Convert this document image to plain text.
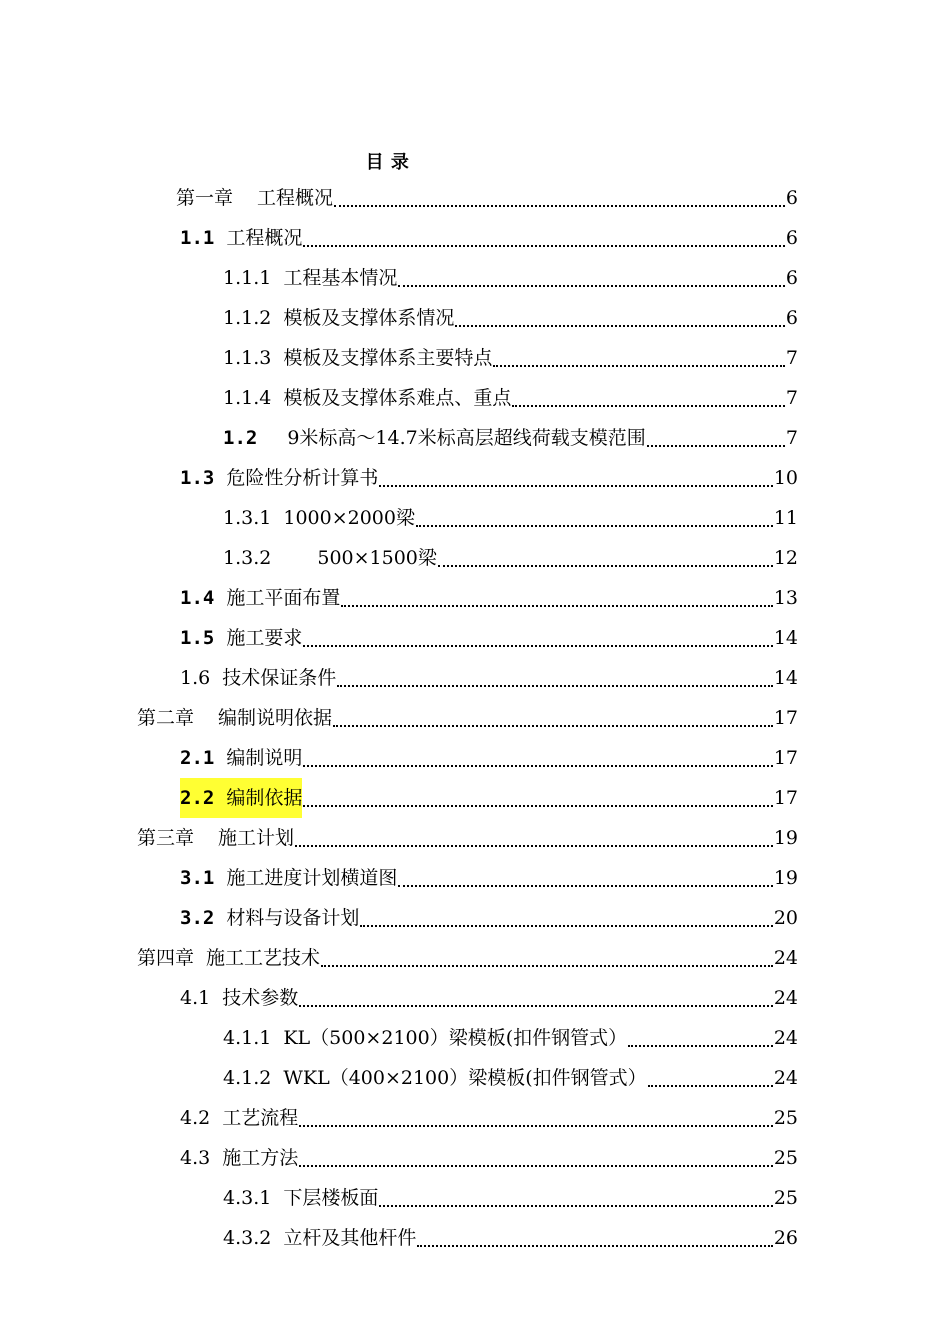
目 录
第一章 工程概况	6
1.1 工程概况	6
1.1.1 工程基本情况	6
1.1.2 模板及支撑体系情况	6
1.1.3 模板及支撑体系主要特点	7
1.1.4 模板及支撑体系难点、重点	7
1.2 9米标高～14.7米标高层超线荷载支模范围	7
1.3 危险性分析计算书	10
1.3.1 1000×2000梁	11
1.3.2 500×1500梁	12
1.4 施工平面布置	13
1.5 施工要求	14
1.6 技术保证条件	14
第二章 编制说明依据	17
2.1 编制说明	17
2.2 编制依据	17
第三章 施工计划	19
3.1 施工进度计划横道图	19
3.2 材料与设备计划	20
第四章 施工工艺技术	24
4.1 技术参数	24
4.1.1 KL（500×2100）梁模板(扣件钢管式）	24
4.1.2 WKL（400×2100）梁模板(扣件钢管式）	24
4.2 工艺流程	25
4.3 施工方法	25
4.3.1 下层楼板面	25
4.3.2 立杆及其他杆件	26
